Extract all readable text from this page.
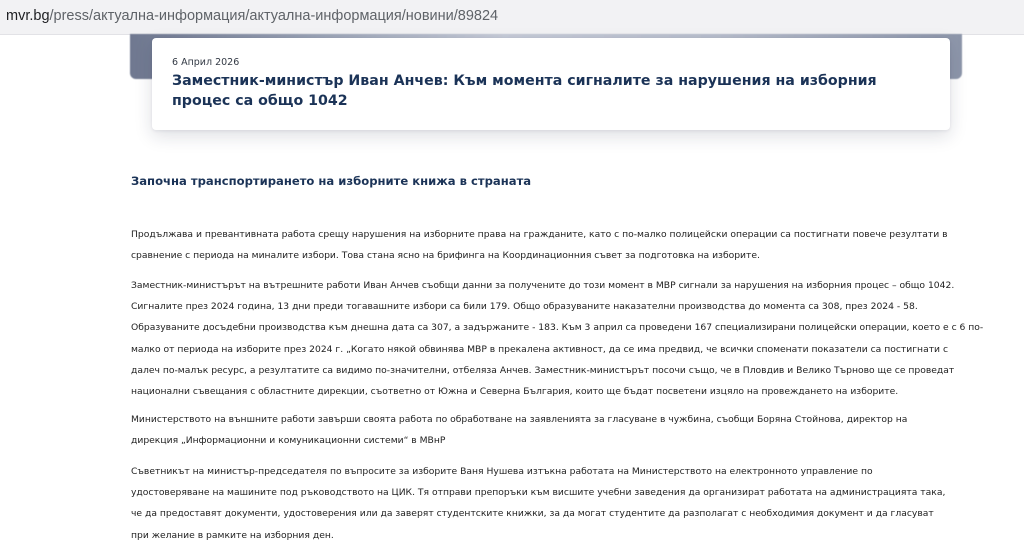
mvr.bg/press/актуална-информация/актуална-информация/новини/89824
6 Април 2026
Заместник-министър Иван Анчев: Към момента сигналите за нарушения на изборния процес са общо 1042
Започна транспортирането на изборните книжа в страната
Продължава и превантивната работа срещу нарушения на изборните права на гражданите, като с по-малко полицейски операции са постигнати повече резултати в
сравнение с периода на миналите избори. Това стана ясно на брифинга на Координационния съвет за подготовка на изборите.
Заместник-министърът на вътрешните работи Иван Анчев съобщи данни за получените до този момент в МВР сигнали за нарушения на изборния процес – общо 1042.
Сигналите през 2024 година, 13 дни преди тогавашните избори са били 179. Общо образуваните наказателни производства до момента са 308, през 2024 - 58.
Образуваните досъдебни производства към днешна дата са 307, а задържаните - 183. Към 3 април са проведени 167 специализирани полицейски операции, което е с 6 по-
малко от периода на изборите през 2024 г. „Когато някой обвинява МВР в прекалена активност, да се има предвид, че всички споменати показатели са постигнати с
далеч по-малък ресурс, а резултатите са видимо по-значителни, отбеляза Анчев. Заместник-министърът посочи също, че в Пловдив и Велико Търново ще се проведат
национални съвещания с областните дирекции, съответно от Южна и Северна България, които ще бъдат посветени изцяло на провеждането на изборите.
Министерството на външните работи завърши своята работа по обработване на заявленията за гласуване в чужбина, съобщи Боряна Стойнова, директор на
дирекция „Информационни и комуникационни системи“ в МВнР
Съветникът на министър-председателя по въпросите за изборите Ваня Нушева изтъкна работата на Министерството на електронното управление по
удостоверяване на машините под ръководството на ЦИК. Тя отправи препоръки към висшите учебни заведения да организират работата на администрацията така,
че да предоставят документи, удостоверения или да заверят студентските книжки, за да могат студентите да разполагат с необходимия документ и да гласуват
при желание в рамките на изборния ден.
